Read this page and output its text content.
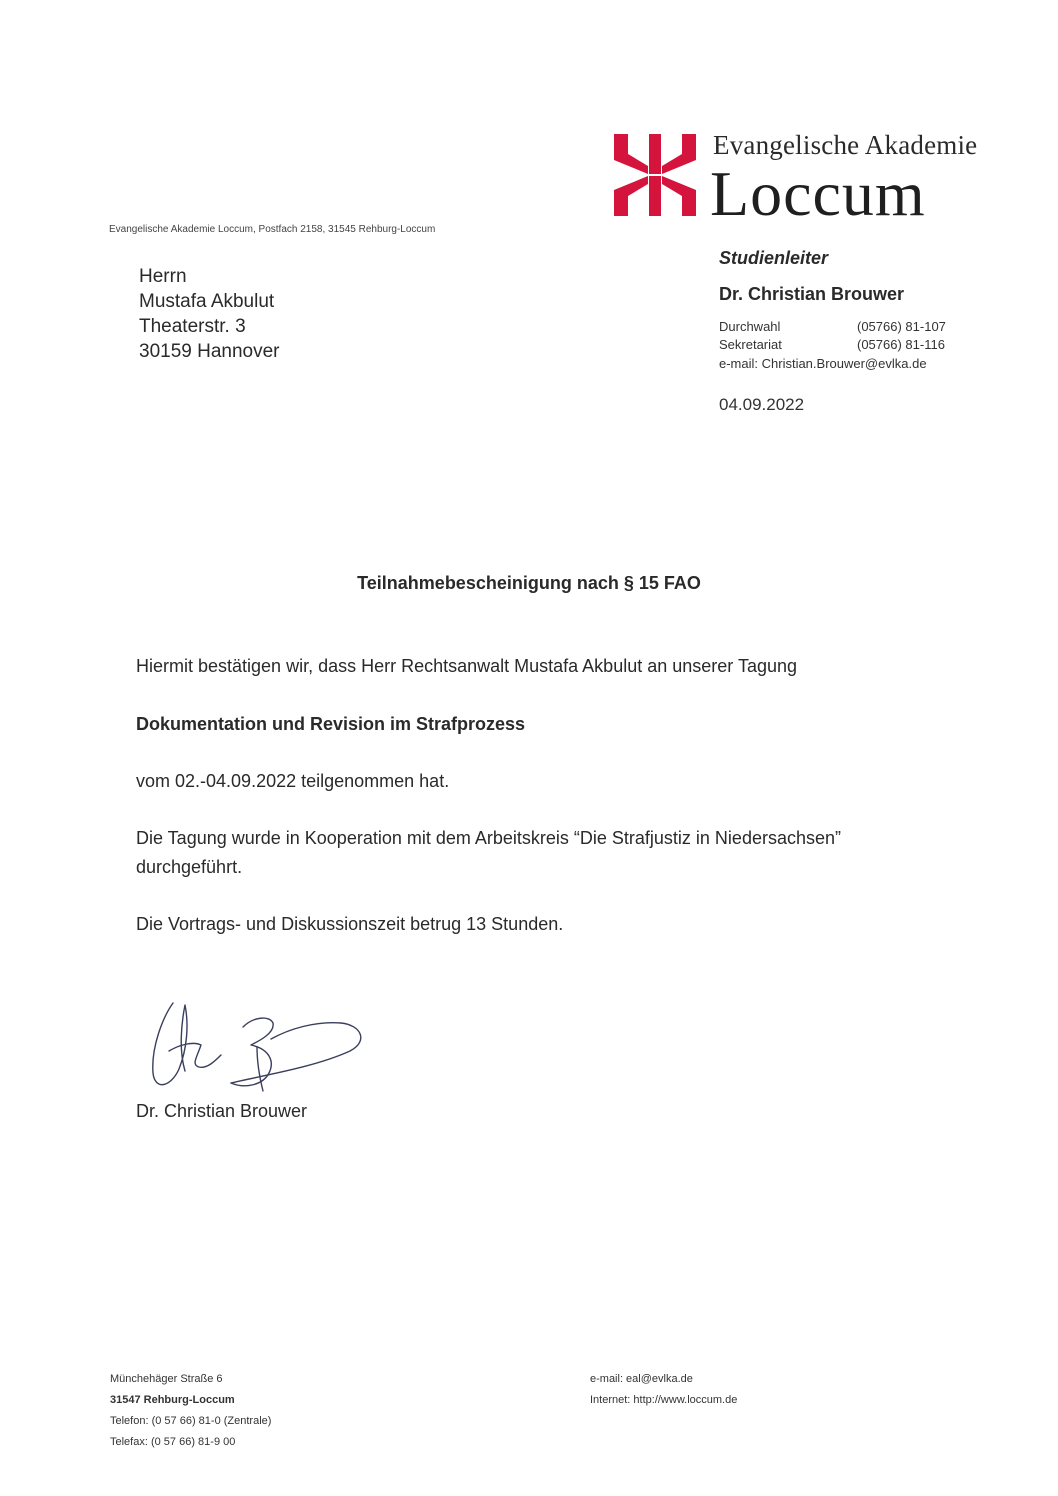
Evangelische Akademie
Loccum
Evangelische Akademie Loccum, Postfach 2158, 31545 Rehburg-Loccum
Herrn
Mustafa Akbulut
Theaterstr. 3
30159 Hannover
Studienleiter
Dr. Christian Brouwer
Durchwahl	(05766) 81-107
Sekretariat	(05766) 81-116
e-mail: Christian.Brouwer@evlka.de
04.09.2022
Teilnahmebescheinigung nach § 15 FAO
Hiermit bestätigen wir, dass Herr Rechtsanwalt Mustafa Akbulut an unserer Tagung
Dokumentation und Revision im Strafprozess
vom 02.-04.09.2022 teilgenommen hat.
Die Tagung wurde in Kooperation mit dem Arbeitskreis “Die Strafjustiz in Niedersachsen” durchgeführt.
Die Vortrags- und Diskussionszeit betrug 13 Stunden.
Dr. Christian Brouwer
Münchehäger Straße 6
31547 Rehburg-Loccum
Telefon: (0 57 66) 81-0 (Zentrale)
Telefax: (0 57 66) 81-9 00
e-mail: eal@evlka.de
Internet: http://www.loccum.de
